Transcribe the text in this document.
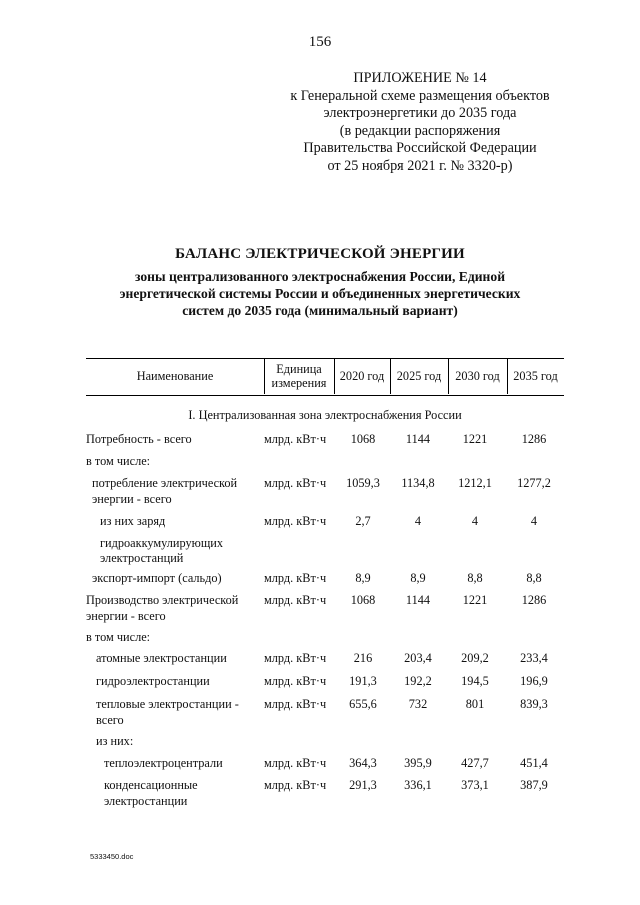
156
ПРИЛОЖЕНИЕ № 14
к Генеральной схеме размещения объектов
электроэнергетики до 2035 года
(в редакции распоряжения
Правительства Российской Федерации
от 25 ноября 2021 г. № 3320-р)
БАЛАНС ЭЛЕКТРИЧЕСКОЙ ЭНЕРГИИ
зоны централизованного электроснабжения России, Единой
энергетической системы России и объединенных энергетических
систем до 2035 года (минимальный вариант)
Наименование	Единица
измерения	2020 год	2025 год	2030 год	2035 год
I. Централизованная зона электроснабжения России
Потребность - всего	млрд. кВт·ч	1068	1144	1221	1286
в том числе:
потребление электрической
энергии - всего
млрд. кВт·ч	1059,3	1134,8	1212,1	1277,2
из них заряд
гидроаккумулирующих
электростанций
млрд. кВт·ч	2,7	4	4	4
экспорт-импорт (сальдо)	млрд. кВт·ч	8,9	8,9	8,8	8,8
Производство электрической
энергии - всего
млрд. кВт·ч	1068	1144	1221	1286
в том числе:
атомные электростанции	млрд. кВт·ч	216	203,4	209,2	233,4
гидроэлектростанции	млрд. кВт·ч	191,3	192,2	194,5	196,9
тепловые электростанции -
всего
млрд. кВт·ч	655,6	732	801	839,3
из них:
теплоэлектроцентрали	млрд. кВт·ч	364,3	395,9	427,7	451,4
конденсационные
электростанции
млрд. кВт·ч	291,3	336,1	373,1	387,9
5333450.doc
